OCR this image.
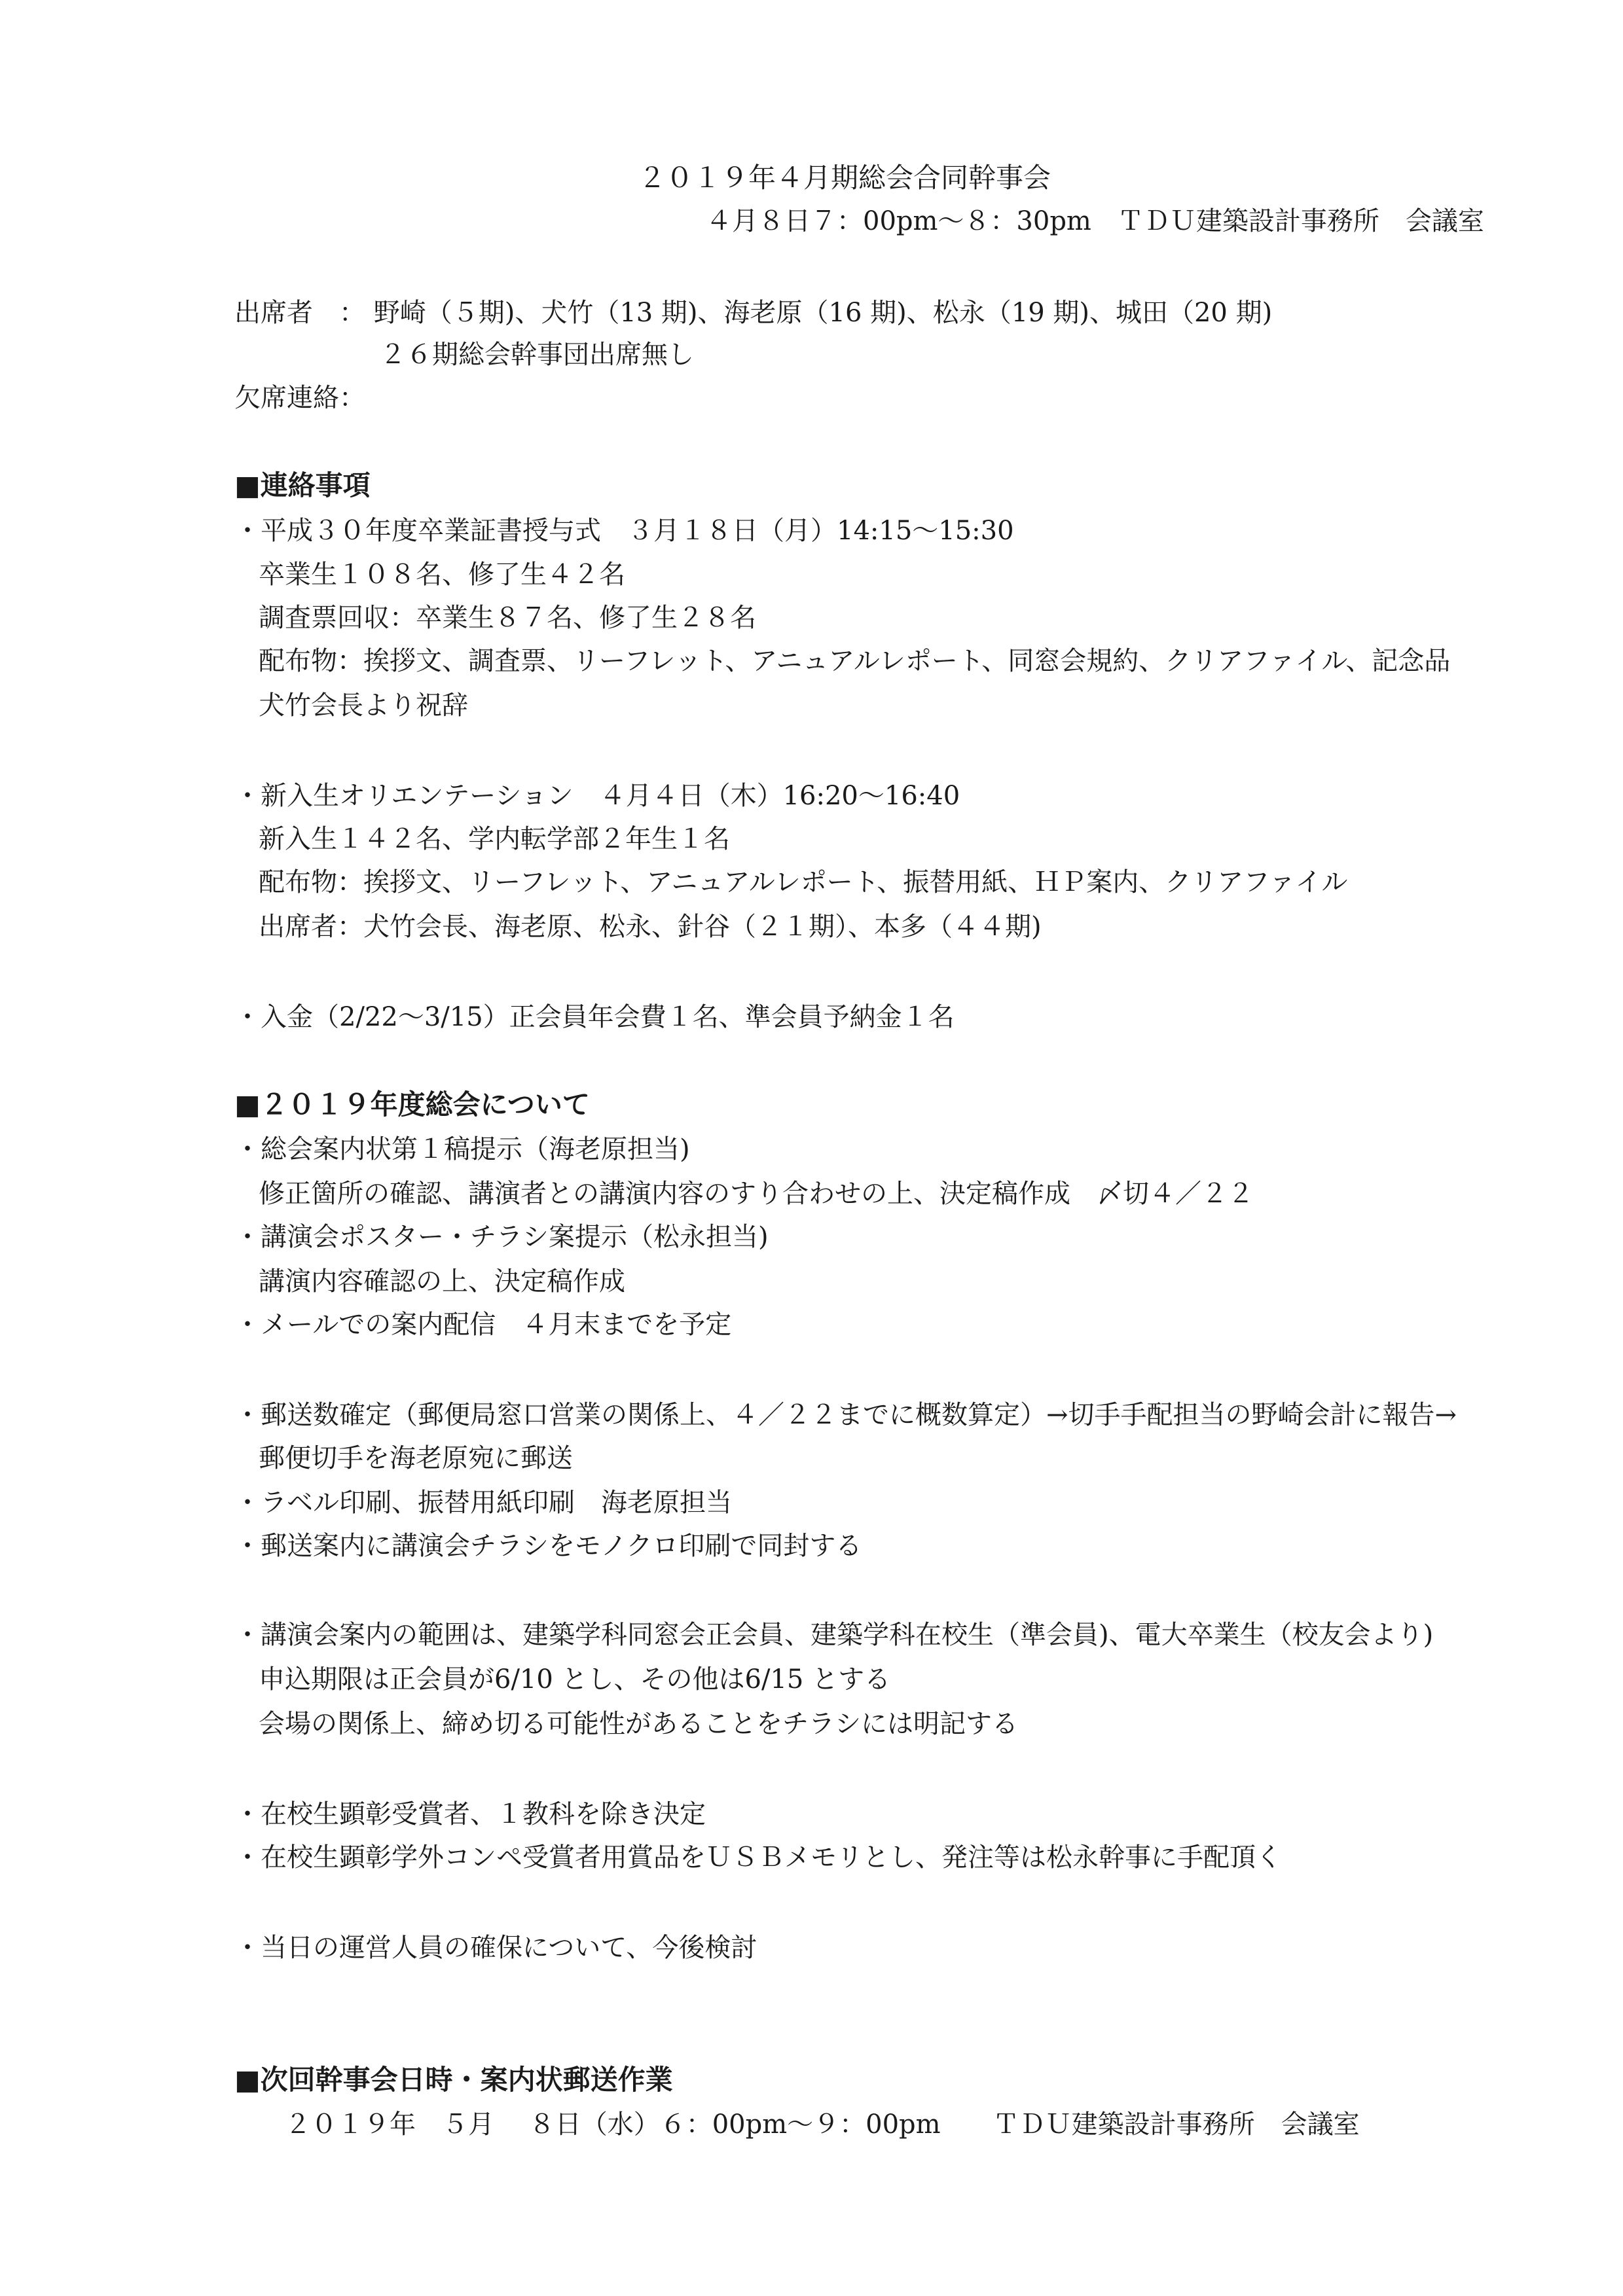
２０１９年４月期総会合同幹事会
４月８日７：00pm〜８：30pm　ＴＤＵ建築設計事務所　会議室
出席者　： 野崎（５期)、犬竹（13 期)、海老原（16 期)、松永（19 期)、城田（20 期)
２６期総会幹事団出席無し
欠席連絡：
■連絡事項
・平成３０年度卒業証書授与式　３月１８日（月）14:15〜15:30
卒業生１０８名、修了生４２名
調査票回収：卒業生８７名、修了生２８名
配布物：挨拶文、調査票、リーフレット、アニュアルレポート、同窓会規約、クリアファイル、記念品
犬竹会長より祝辞
・新入生オリエンテーション　４月４日（木）16:20〜16:40
新入生１４２名、学内転学部２年生１名
配布物：挨拶文、リーフレット、アニュアルレポート、振替用紙、ＨＰ案内、クリアファイル
出席者：犬竹会長、海老原、松永、針谷（２１期）、本多（４４期)
・入金（2/22〜3/15）正会員年会費１名、準会員予納金１名
■２０１９年度総会について
・総会案内状第１稿提示（海老原担当)
修正箇所の確認、講演者との講演内容のすり合わせの上、決定稿作成　〆切４／２２
・講演会ポスター・チラシ案提示（松永担当)
講演内容確認の上、決定稿作成
・メールでの案内配信　４月末までを予定
・郵送数確定（郵便局窓口営業の関係上、４／２２までに概数算定）→切手手配担当の野崎会計に報告→
郵便切手を海老原宛に郵送
・ラベル印刷、振替用紙印刷　海老原担当
・郵送案内に講演会チラシをモノクロ印刷で同封する
・講演会案内の範囲は、建築学科同窓会正会員、建築学科在校生（準会員)、電大卒業生（校友会より)
申込期限は正会員が6/10 とし、その他は6/15 とする
会場の関係上、締め切る可能性があることをチラシには明記する
・在校生顕彰受賞者、１教科を除き決定
・在校生顕彰学外コンペ受賞者用賞品をＵＳＢメモリとし、発注等は松永幹事に手配頂く
・当日の運営人員の確保について、今後検討
■次回幹事会日時・案内状郵送作業
２０１９年　５月　 ８日（水）６：00pm〜９：00pm　　ＴＤＵ建築設計事務所　会議室
